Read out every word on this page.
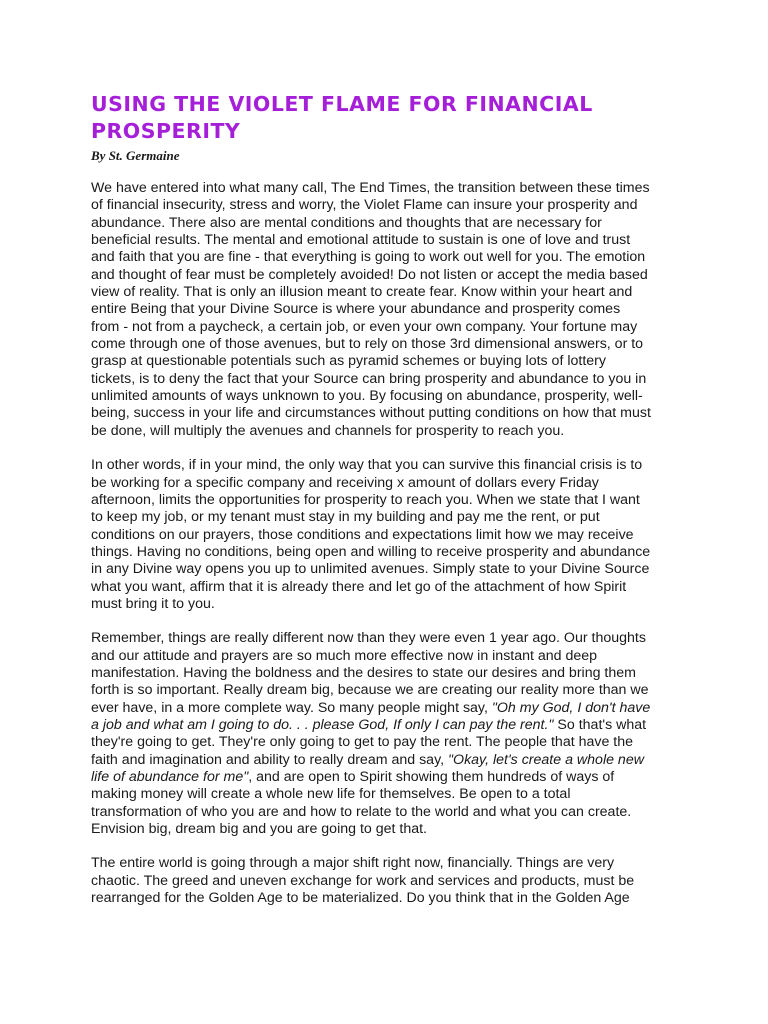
USING THE VIOLET FLAME FOR FINANCIAL PROSPERITY

By St. Germaine

We have entered into what many call, The End Times, the transition between these times of financial insecurity, stress and worry, the Violet Flame can insure your prosperity and abundance. There also are mental conditions and thoughts that are necessary for beneficial results. The mental and emotional attitude to sustain is one of love and trust and faith that you are fine - that everything is going to work out well for you. The emotion and thought of fear must be completely avoided! Do not listen or accept the media based view of reality. That is only an illusion meant to create fear. Know within your heart and entire Being that your Divine Source is where your abundance and prosperity comes from - not from a paycheck, a certain job, or even your own company. Your fortune may come through one of those avenues, but to rely on those 3rd dimensional answers, or to grasp at questionable potentials such as pyramid schemes or buying lots of lottery tickets, is to deny the fact that your Source can bring prosperity and abundance to you in unlimited amounts of ways unknown to you. By focusing on abundance, prosperity, well-being, success in your life and circumstances without putting conditions on how that must be done, will multiply the avenues and channels for prosperity to reach you.

In other words, if in your mind, the only way that you can survive this financial crisis is to be working for a specific company and receiving x amount of dollars every Friday afternoon, limits the opportunities for prosperity to reach you. When we state that I want to keep my job, or my tenant must stay in my building and pay me the rent, or put conditions on our prayers, those conditions and expectations limit how we may receive things. Having no conditions, being open and willing to receive prosperity and abundance in any Divine way opens you up to unlimited avenues. Simply state to your Divine Source what you want, affirm that it is already there and let go of the attachment of how Spirit must bring it to you.

Remember, things are really different now than they were even 1 year ago. Our thoughts and our attitude and prayers are so much more effective now in instant and deep manifestation. Having the boldness and the desires to state our desires and bring them forth is so important. Really dream big, because we are creating our reality more than we ever have, in a more complete way. So many people might say, "Oh my God, I don't have a job and what am I going to do. . . please God, If only I can pay the rent." So that's what they're going to get. They're only going to get to pay the rent. The people that have the faith and imagination and ability to really dream and say, "Okay, let's create a whole new life of abundance for me", and are open to Spirit showing them hundreds of ways of making money will create a whole new life for themselves. Be open to a total transformation of who you are and how to relate to the world and what you can create. Envision big, dream big and you are going to get that.

The entire world is going through a major shift right now, financially. Things are very chaotic. The greed and uneven exchange for work and services and products, must be rearranged for the Golden Age to be materialized. Do you think that in the Golden Age
